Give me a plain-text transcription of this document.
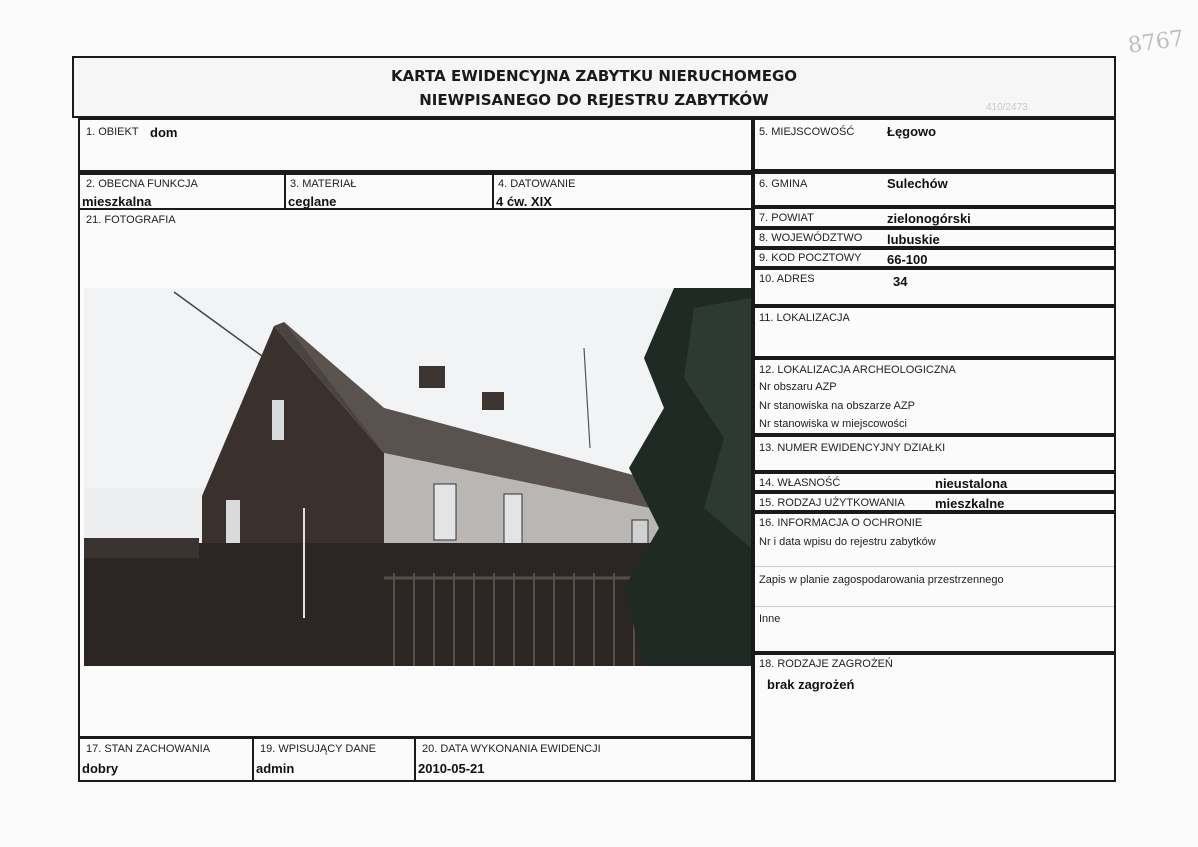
8767
KARTA EWIDENCYJNA ZABYTKU NIERUCHOMEGO
NIEWPISANEGO DO REJESTRU ZABYTKÓW	410/2473
1. OBIEKT dom
2. OBECNA FUNKCJA
mieszkalna
3. MATERIAŁ
ceglane
4. DATOWANIE
4 ćw. XIX
21. FOTOGRAFIA
17. STAN ZACHOWANIA
dobry
19. WPISUJĄCY DANE
admin
20. DATA WYKONANIA EWIDENCJI
2010-05-21
5. MIEJSCOWOŚĆ	Łęgowo
6. GMINA	Sulechów
7. POWIAT	zielonogórski
8. WOJEWÓDZTWO lubuskie
9. KOD POCZTOWY 66-100
10. ADRES	34
11. LOKALIZACJA
12. LOKALIZACJA ARCHEOLOGICZNA
Nr obszaru AZP
Nr stanowiska na obszarze AZP
Nr stanowiska w miejscowości
13. NUMER EWIDENCYJNY DZIAŁKI
14. WŁASNOŚĆ	nieustalona
15. RODZAJ UŻYTKOWANIA mieszkalne
16. INFORMACJA O OCHRONIE
Nr i data wpisu do rejestru zabytków
Zapis w planie zagospodarowania przestrzennego
Inne
18. RODZAJE ZAGROŻEŃ
brak zagrożeń
